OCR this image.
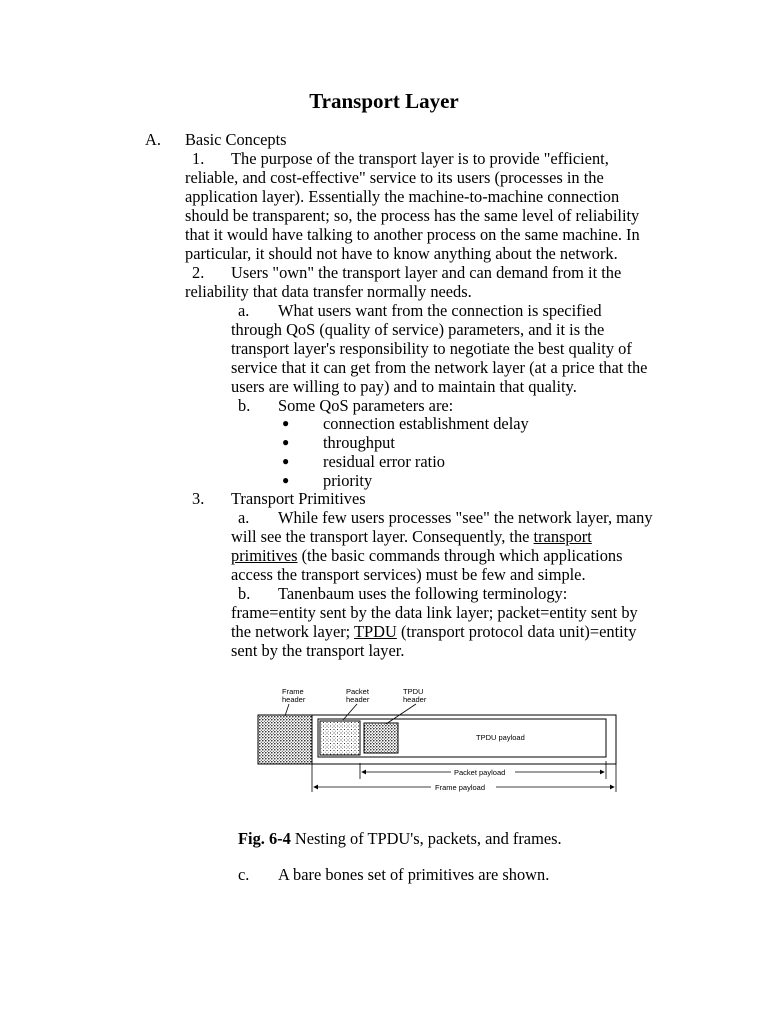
Transport Layer
A. Basic Concepts
1. The purpose of the transport layer is to provide "efficient,
reliable, and cost-effective" service to its users (processes in the
application layer). Essentially the machine-to-machine connection
should be transparent; so, the process has the same level of reliability
that it would have talking to another process on the same machine. In
particular, it should not have to know anything about the network.
2. Users "own" the transport layer and can demand from it the
reliability that data transfer normally needs.
a. What users want from the connection is specified
through QoS (quality of service) parameters, and it is the
transport layer's responsibility to negotiate the best quality of
service that it can get from the network layer (at a price that the
users are willing to pay) and to maintain that quality.
b. Some QoS parameters are:
● connection establishment delay
● throughput
● residual error ratio
● priority
3. Transport Primitives
a. While few users processes "see" the network layer, many
will see the transport layer. Consequently, the transport
primitives (the basic commands through which applications
access the transport services) must be few and simple.
b. Tanenbaum uses the following terminology:
frame=entity sent by the data link layer; packet=entity sent by
the network layer; TPDU (transport protocol data unit)=entity
sent by the transport layer.
Frame
header
Packet
header
TPDU
header
TPDU payload
Packet payload
Frame payload
Fig. 6-4 Nesting of TPDU's, packets, and frames.
c. A bare bones set of primitives are shown.
